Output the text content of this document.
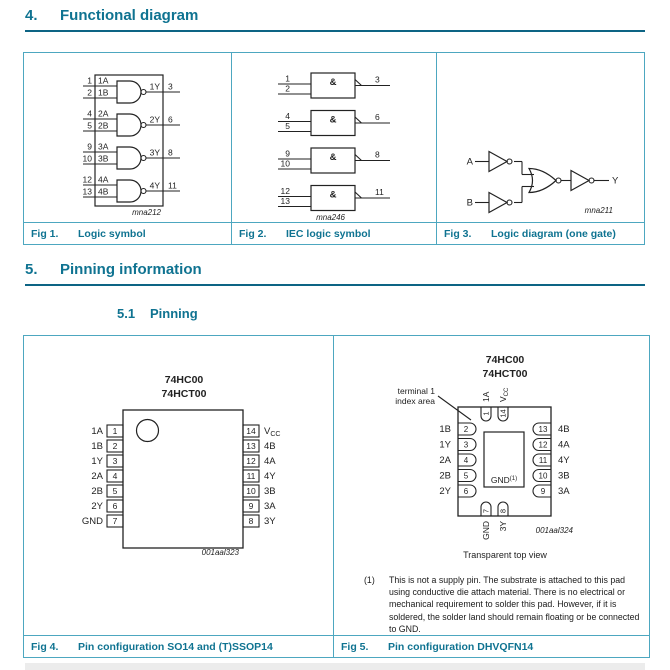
4. Functional diagram
1
2
1A
1B
1Y 3
4
5
2A
2B
2Y 6
9
10
3A
3B
3Y 8
12
13
4A
4B
4Y 11
mna212
Fig 1.	Logic symbol
&
1
2
3
&
4
5
6
&
9
10
8
&
12
13
11
mna246
Fig 2.	IEC logic symbol
A
B
Y
mna211
Fig 3.	Logic diagram (one gate)
5. Pinning information
5.1 Pinning
74HC00
74HCT00
1
1A
2
1B
3
1Y
4
2A
5
2B
6
2Y
7
GND
14 VCC
13 4B
12 4A
11 4Y
10 3B
9 3A
8 3Y
001aal323
Fig 4.	Pin configuration SO14 and (T)SSOP14
74HC00
74HCT00
terminal 1
index area
GND$^{(1)}$
1
1A
14
$V_{CC}$
2
1B
3
1Y
4
2A
5
2B
6
2Y
13 4B
12 4A
11 4Y
10 3B
9 3A
7
GND
8
3Y	001aal324
Transparent top view
(1)	This is not a supply pin. The substrate is attached to this pad using conductive die attach material. There is no electrical or mechanical requirement to solder this pad. However, if it is soldered, the solder land should remain floating or be connected to GND.
Fig 5.	Pin configuration DHVQFN14
